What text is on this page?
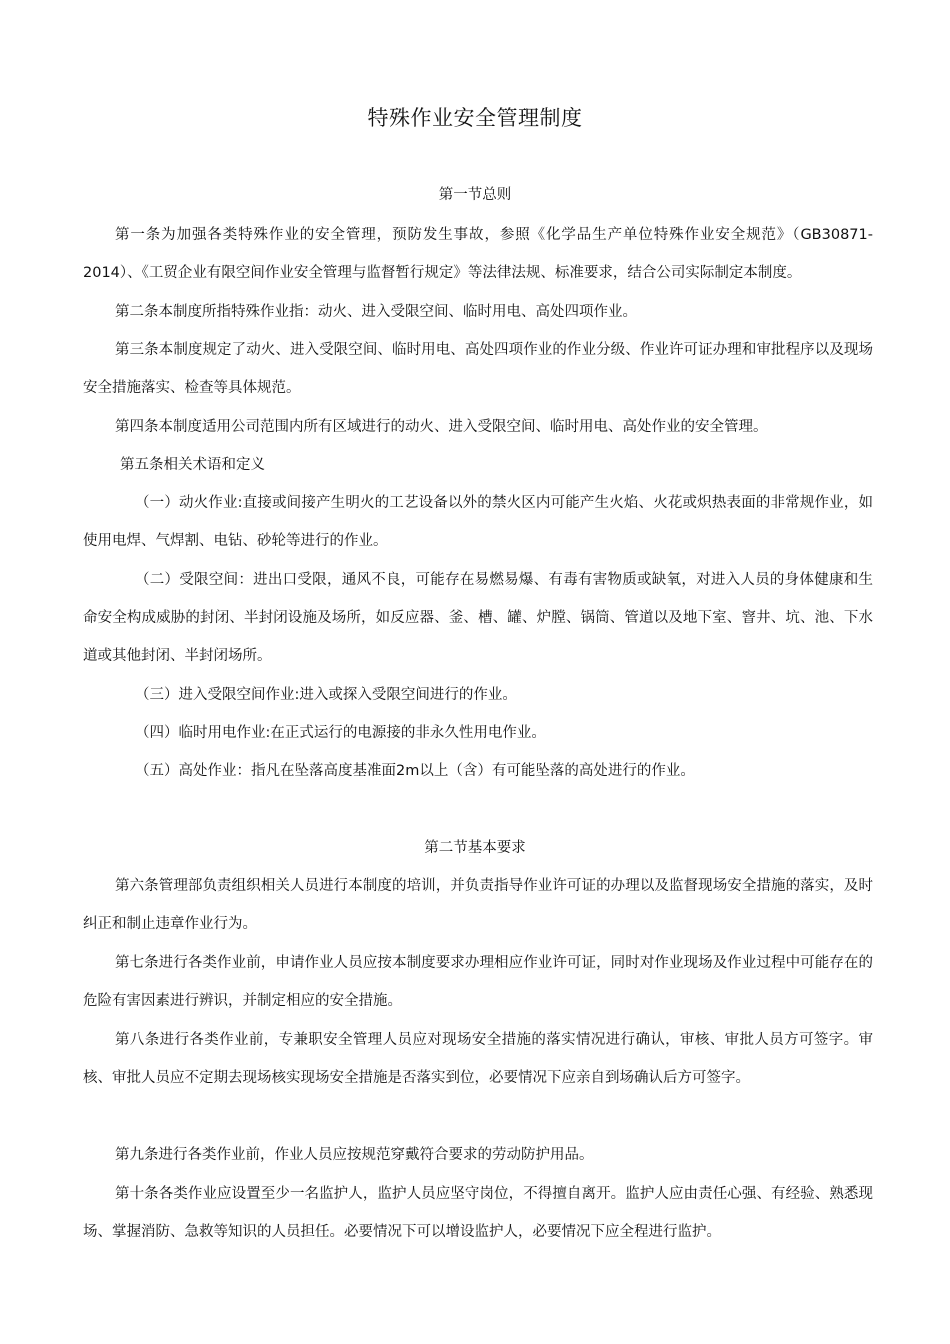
特殊作业安全管理制度
第一节总则

第一条为加强各类特殊作业的安全管理，预防发生事故，参照《化学品生产单位特殊作业安全规范》（GB30871-2014）、《工贸企业有限空间作业安全管理与监督暂行规定》等法律法规、标准要求，结合公司实际制定本制度。

第二条本制度所指特殊作业指：动火、进入受限空间、临时用电、高处四项作业。

第三条本制度规定了动火、进入受限空间、临时用电、高处四项作业的作业分级、作业许可证办理和审批程序以及现场安全措施落实、检查等具体规范。

第四条本制度适用公司范围内所有区域进行的动火、进入受限空间、临时用电、高处作业的安全管理。

第五条相关术语和定义

（一）动火作业:直接或间接产生明火的工艺设备以外的禁火区内可能产生火焰、火花或炽热表面的非常规作业，如使用电焊、气焊割、电钻、砂轮等进行的作业。

（二）受限空间：进出口受限，通风不良，可能存在易燃易爆、有毒有害物质或缺氧，对进入人员的身体健康和生命安全构成威胁的封闭、半封闭设施及场所，如反应器、釜、槽、罐、炉膛、锅筒、管道以及地下室、窨井、坑、池、下水道或其他封闭、半封闭场所。

（三）进入受限空间作业:进入或探入受限空间进行的作业。

（四）临时用电作业:在正式运行的电源接的非永久性用电作业。

（五）高处作业：指凡在坠落高度基准面2m以上（含）有可能坠落的高处进行的作业。

第二节基本要求

第六条管理部负责组织相关人员进行本制度的培训，并负责指导作业许可证的办理以及监督现场安全措施的落实，及时纠正和制止违章作业行为。

第七条进行各类作业前，申请作业人员应按本制度要求办理相应作业许可证，同时对作业现场及作业过程中可能存在的危险有害因素进行辨识，并制定相应的安全措施。

第八条进行各类作业前，专兼职安全管理人员应对现场安全措施的落实情况进行确认，审核、审批人员方可签字。审核、审批人员应不定期去现场核实现场安全措施是否落实到位，必要情况下应亲自到场确认后方可签字。

第九条进行各类作业前，作业人员应按规范穿戴符合要求的劳动防护用品。

第十条各类作业应设置至少一名监护人，监护人员应坚守岗位，不得擅自离开。监护人应由责任心强、有经验、熟悉现场、掌握消防、急救等知识的人员担任。必要情况下可以增设监护人，必要情况下应全程进行监护。
